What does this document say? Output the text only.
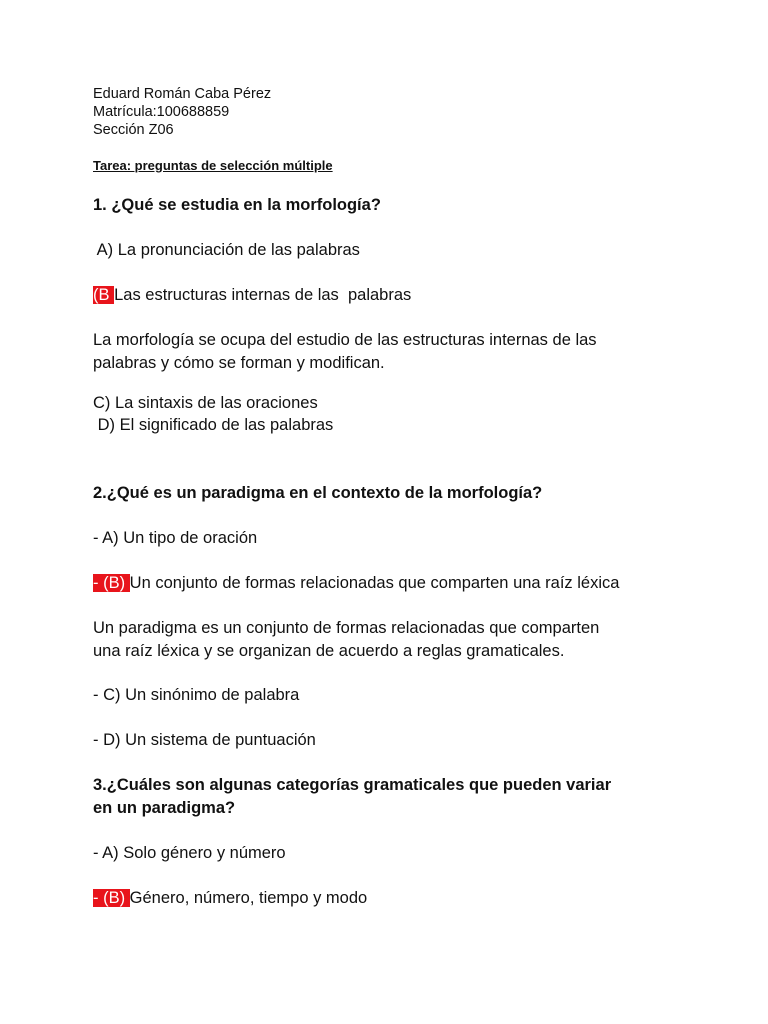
Eduard Román Caba Pérez

Matrícula:100688859

Sección Z06

Tarea: preguntas de selección múltiple

1. ¿Qué se estudia en la morfología?

A) La pronunciación de las palabras

(B Las estructuras internas de las  palabras

La morfología se ocupa del estudio de las estructuras internas de las

palabras y cómo se forman y modifican.

C) La sintaxis de las oraciones

D) El significado de las palabras

2.¿Qué es un paradigma en el contexto de la morfología?

- A) Un tipo de oración

- (B) Un conjunto de formas relacionadas que comparten una raíz léxica

Un paradigma es un conjunto de formas relacionadas que comparten

una raíz léxica y se organizan de acuerdo a reglas gramaticales.

- C) Un sinónimo de palabra

- D) Un sistema de puntuación

3.¿Cuáles son algunas categorías gramaticales que pueden variar

en un paradigma?

- A) Solo género y número

- (B) Género, número, tiempo y modo
